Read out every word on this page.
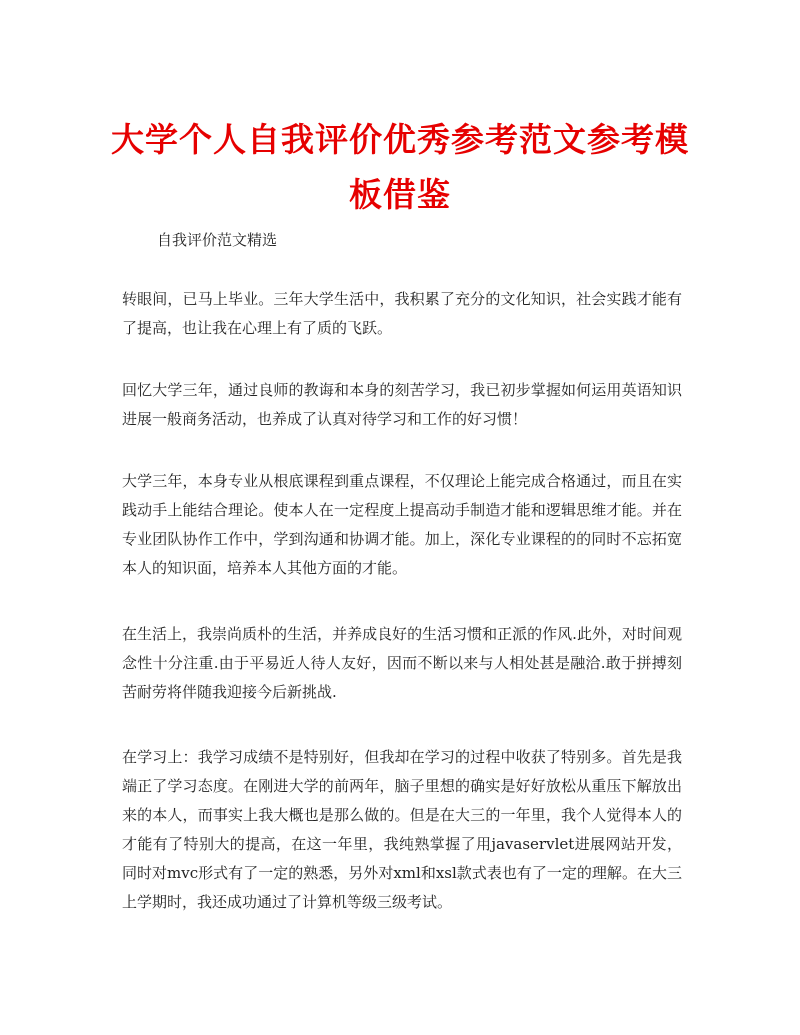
大学个人自我评价优秀参考范文参考模板借鉴
自我评价范文精选
转眼间，已马上毕业。三年大学生活中，我积累了充分的文化知识，社会实践才能有了提高，也让我在心理上有了质的飞跃。
回忆大学三年，通过良师的教诲和本身的刻苦学习，我已初步掌握如何运用英语知识进展一般商务活动，也养成了认真对待学习和工作的好习惯！
大学三年，本身专业从根底课程到重点课程，不仅理论上能完成合格通过，而且在实践动手上能结合理论。使本人在一定程度上提高动手制造才能和逻辑思维才能。并在专业团队协作工作中，学到沟通和协调才能。加上，深化专业课程的的同时不忘拓宽本人的知识面，培养本人其他方面的才能。
在生活上，我崇尚质朴的生活，并养成良好的生活习惯和正派的作风.此外，对时间观念性十分注重.由于平易近人待人友好，因而不断以来与人相处甚是融洽.敢于拼搏刻苦耐劳将伴随我迎接今后新挑战.
在学习上：我学习成绩不是特别好，但我却在学习的过程中收获了特别多。首先是我端正了学习态度。在刚进大学的前两年，脑子里想的确实是好好放松从重压下解放出来的本人，而事实上我大概也是那么做的。但是在大三的一年里，我个人觉得本人的才能有了特别大的提高，在这一年里，我纯熟掌握了用javaservlet进展网站开发，同时对mvc形式有了一定的熟悉，另外对xml和xsl款式表也有了一定的理解。在大三上学期时，我还成功通过了计算机等级三级考试。
